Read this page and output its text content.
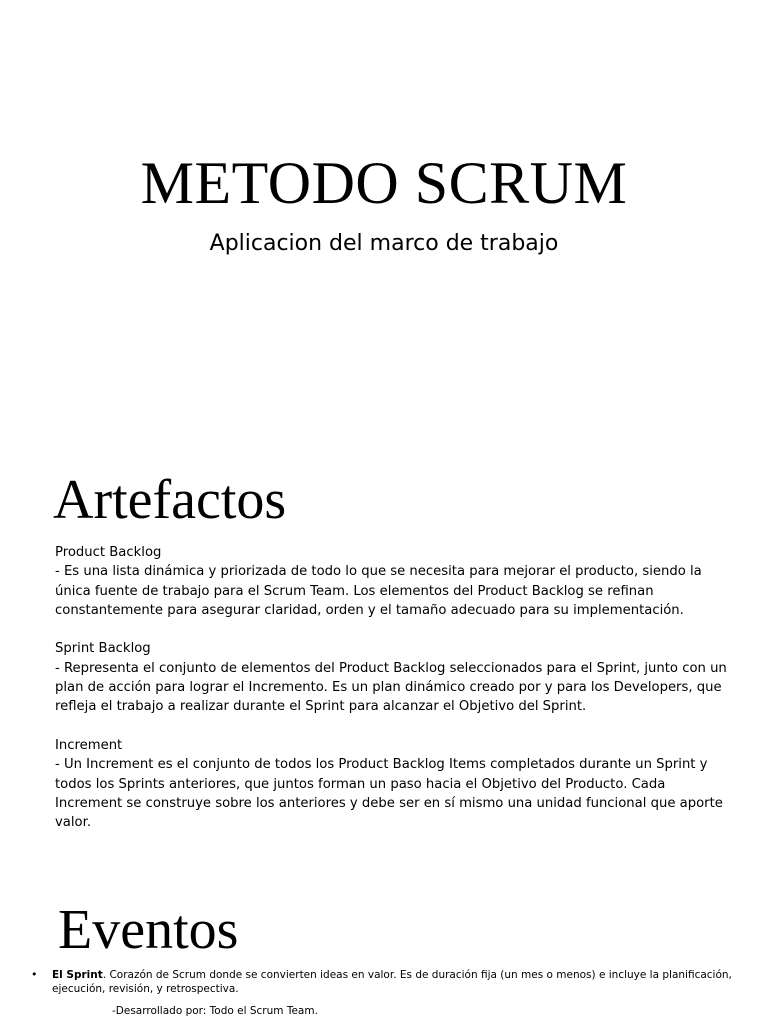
METODO SCRUM

Aplicacion del marco de trabajo

Artefactos
Product Backlog
- Es una lista dinámica y priorizada de todo lo que se necesita para mejorar el producto, siendo la única fuente de trabajo para el Scrum Team. Los elementos del Product Backlog se refinan constantemente para asegurar claridad, orden y el tamaño adecuado para su implementación.
Sprint Backlog
- Representa el conjunto de elementos del Product Backlog seleccionados para el Sprint, junto con un plan de acción para lograr el Incremento. Es un plan dinámico creado por y para los Developers, que refleja el trabajo a realizar durante el Sprint para alcanzar el Objetivo del Sprint.
Increment
- Un Increment es el conjunto de todos los Product Backlog Items completados durante un Sprint y todos los Sprints anteriores, que juntos forman un paso hacia el Objetivo del Producto. Cada Increment se construye sobre los anteriores y debe ser en sí mismo una unidad funcional que aporte valor.
Eventos
• El Sprint. Corazón de Scrum donde se convierten ideas en valor. Es de duración fija (un mes o menos) e incluye la planificación, ejecución, revisión, y retrospectiva.
-Desarrollado por: Todo el Scrum Team.
